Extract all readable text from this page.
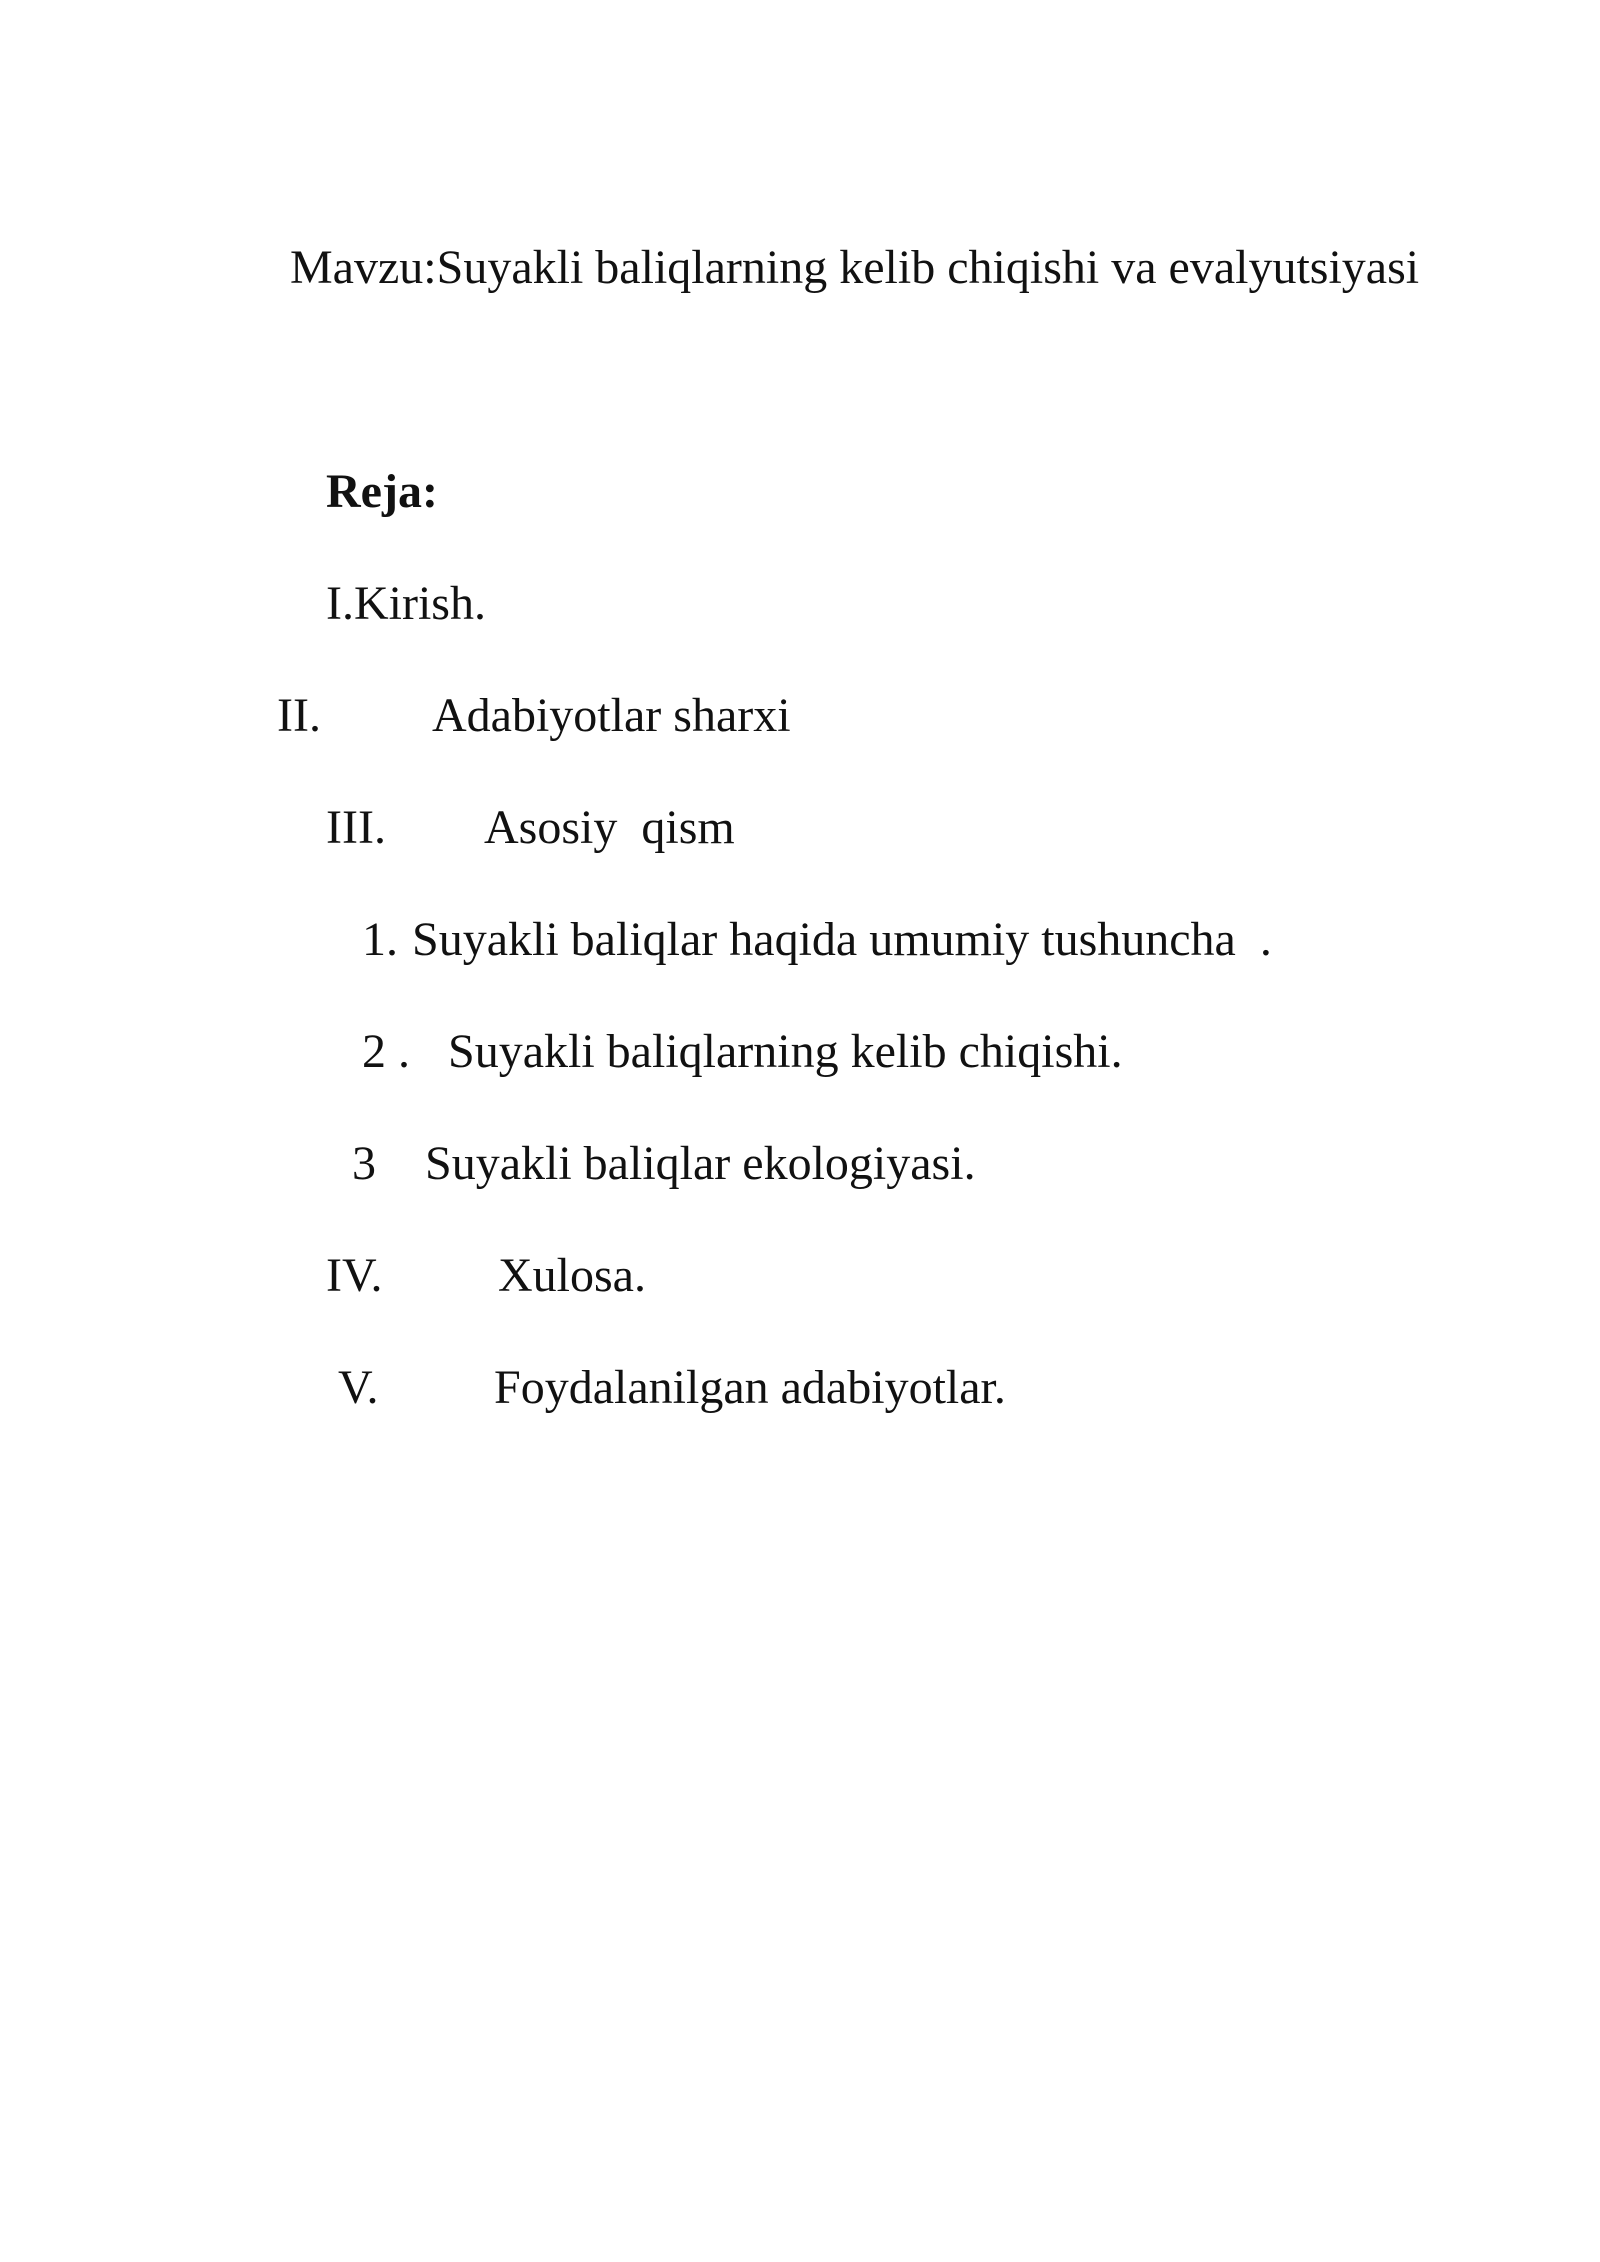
Mavzu:Suyakli baliqlarning kelib chiqishi va evalyutsiyasi
Reja:
I.Kirish.
II. Adabiyotlar sharxi
III. Asosiy  qism
1. Suyakli baliqlar haqida umumiy tushuncha  .
2 . Suyakli baliqlarning kelib chiqishi.
3 Suyakli baliqlar ekologiyasi.
IV. Xulosa.
V. Foydalanilgan adabiyotlar.
